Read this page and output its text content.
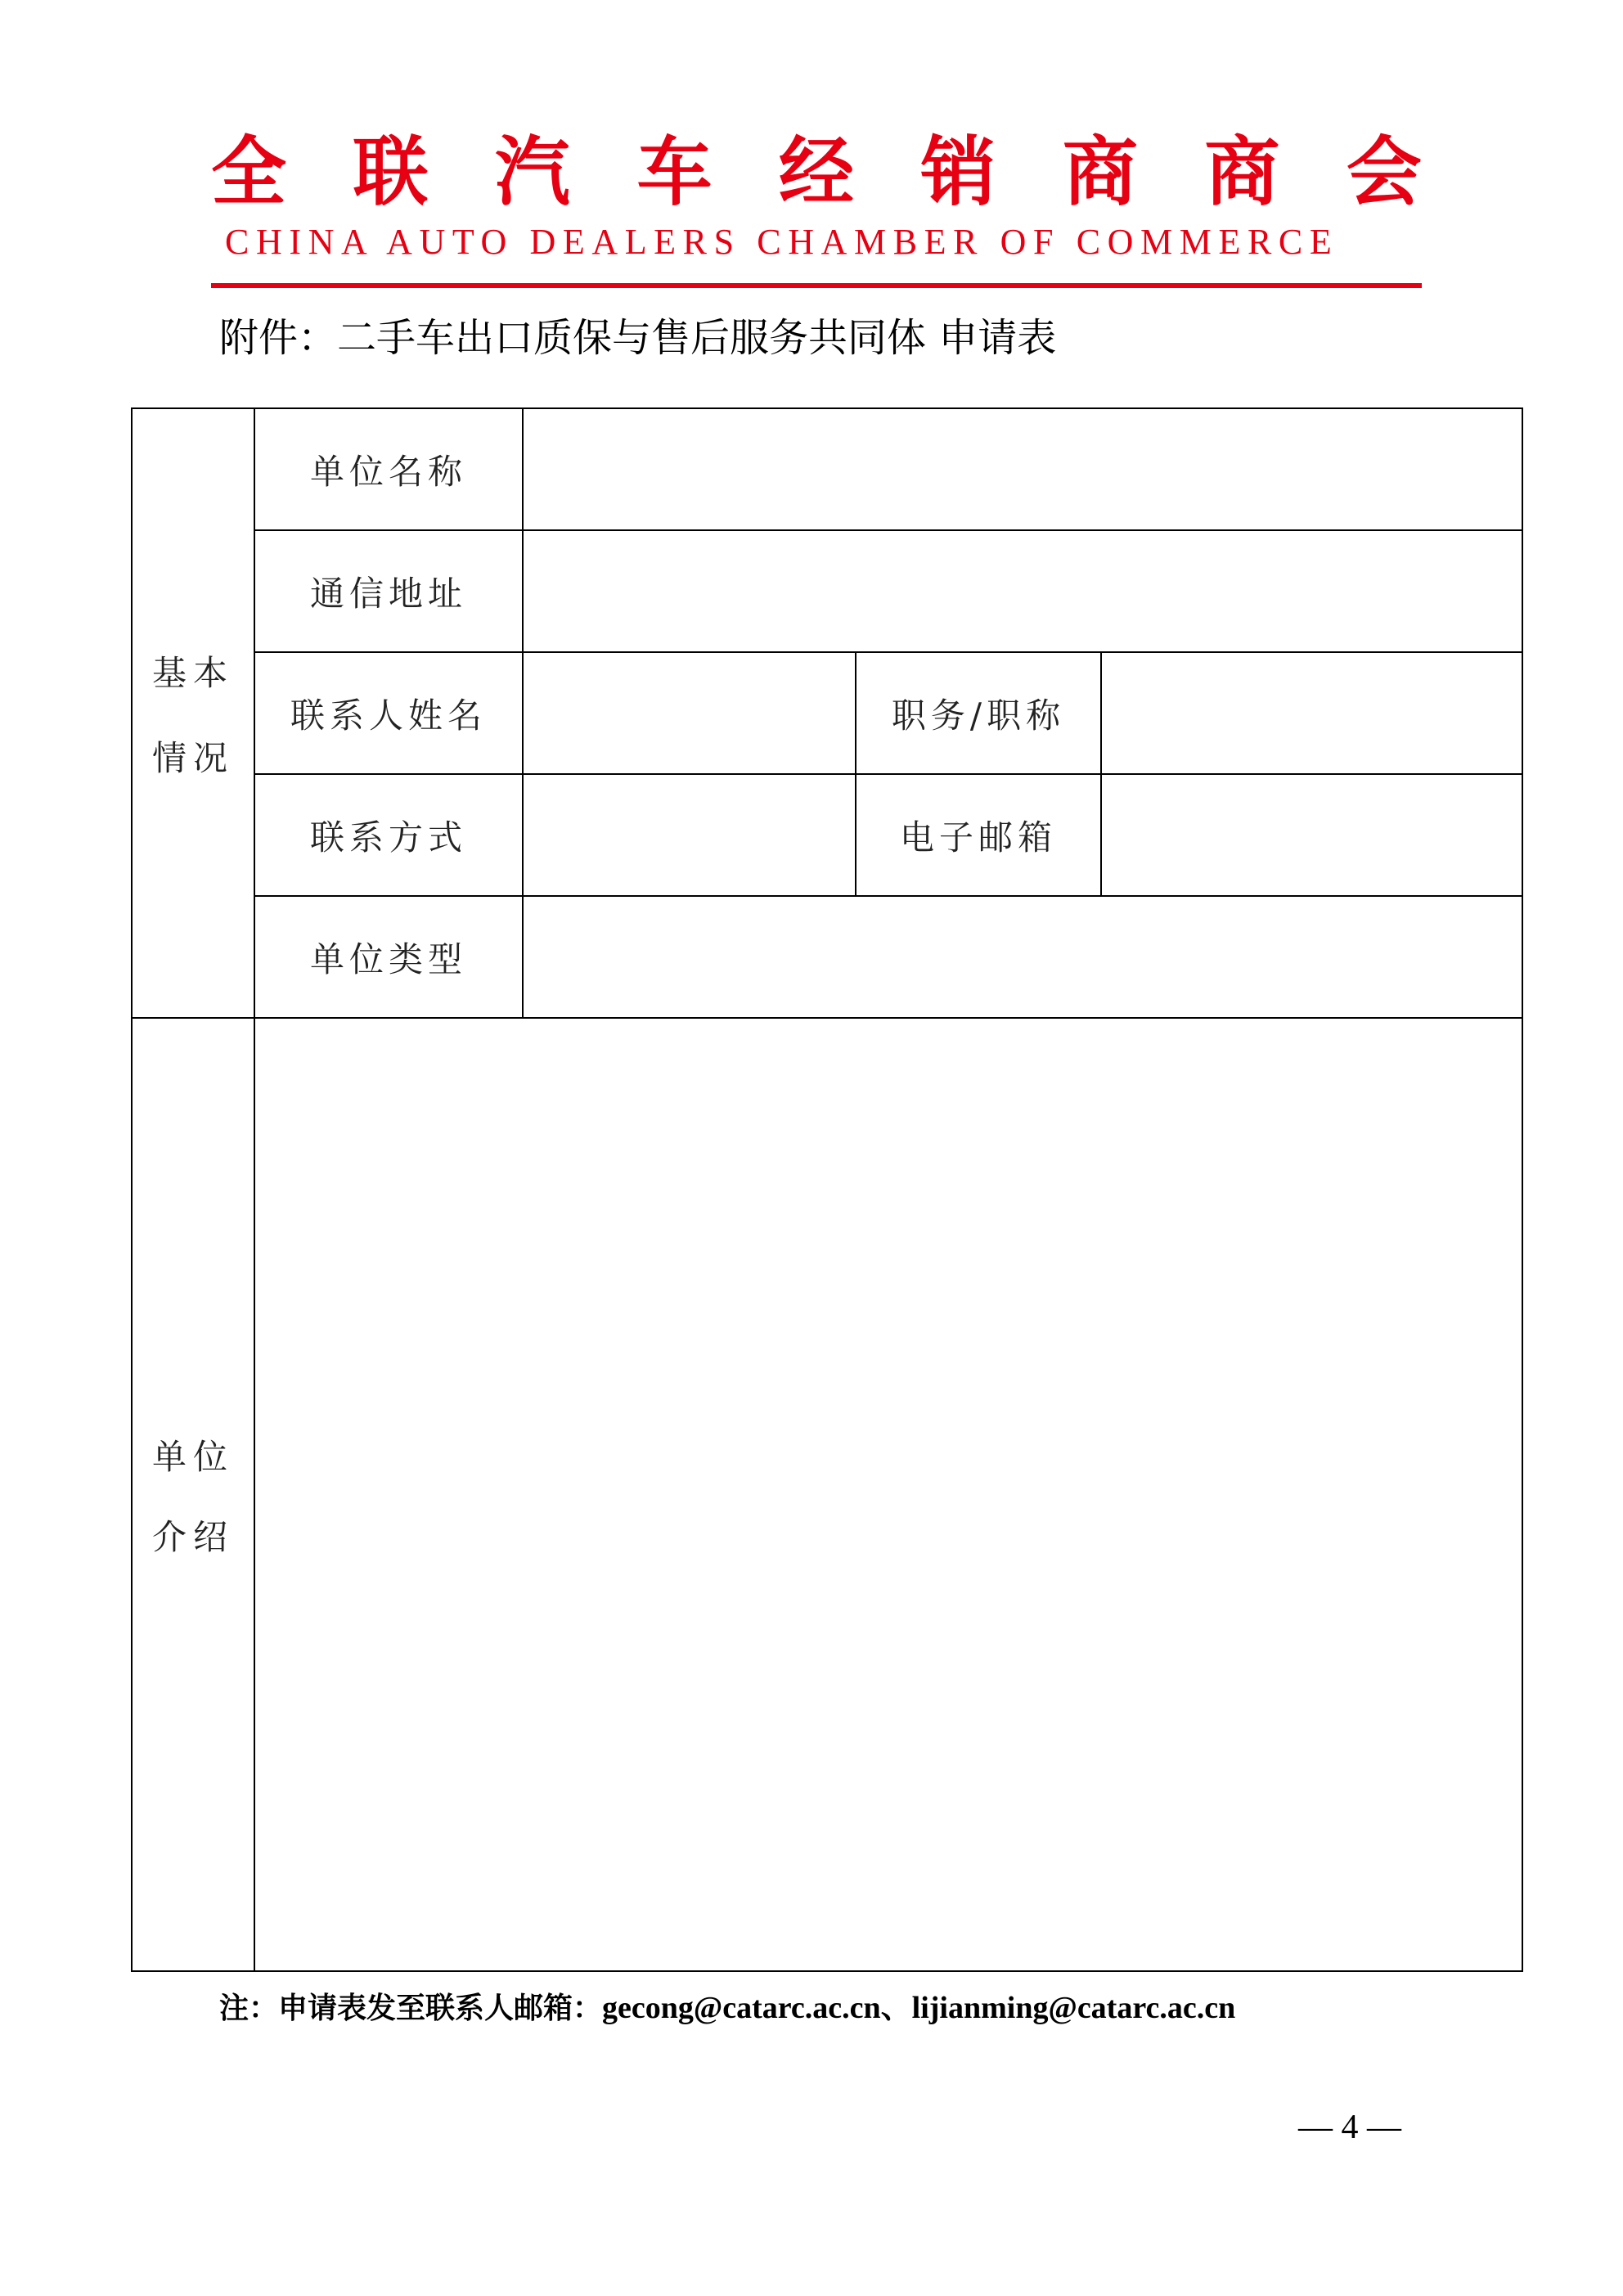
全 联 汽 车 经 销 商 商 会
CHINA AUTO DEALERS CHAMBER OF COMMERCE
附件：二手车出口质保与售后服务共同体 申请表
基本
情况	单位名称			
	通信地址			
	联系人姓名		职务/职称	
	联系方式		电子邮箱	
	单位类型			

单位
介绍				

注：申请表发至联系人邮箱：gecong@catarc.ac.cn、lijianming@catarc.ac.cn
— 4 —
